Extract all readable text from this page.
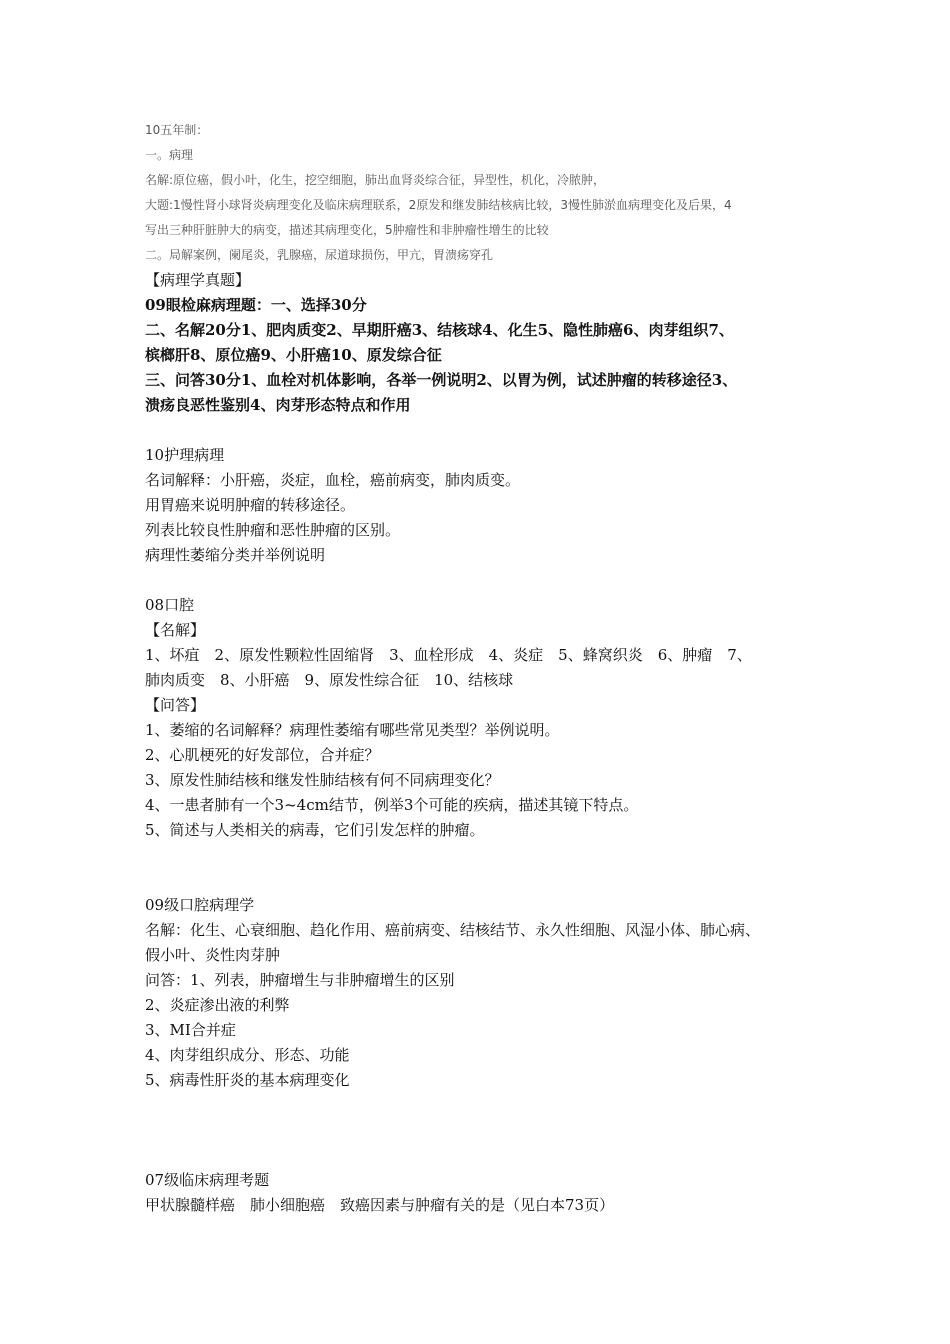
10五年制：
一。病理
名解:原位癌，假小叶，化生，挖空细胞，肺出血肾炎综合征，异型性，机化，冷脓肿，
大题:1慢性肾小球肾炎病理变化及临床病理联系，2原发和继发肺结核病比较，3慢性肺淤血病理变化及后果，4
写出三种肝脏肿大的病变，描述其病理变化，5肿瘤性和非肿瘤性增生的比较
二。局解案例，阑尾炎，乳腺癌，尿道球损伤，甲亢，胃溃疡穿孔
【病理学真题】
09眼检麻病理题：一、选择30分
二、名解20分1、肥肉质变2、早期肝癌3、结核球4、化生5、隐性肺癌6、肉芽组织7、
槟榔肝8、原位癌9、小肝癌10、原发综合征
三、问答30分1、血栓对机体影响，各举一例说明2、以胃为例，试述肿瘤的转移途径3、
溃疡良恶性鉴别4、肉芽形态特点和作用
10护理病理
名词解释：小肝癌，炎症，血栓，癌前病变，肺肉质变。
用胃癌来说明肿瘤的转移途径。
列表比较良性肿瘤和恶性肿瘤的区别。
病理性萎缩分类并举例说明
08口腔
【名解】
1、坏疽　2、原发性颗粒性固缩肾　3、血栓形成　4、炎症　5、蜂窝织炎　6、肿瘤　7、
肺肉质变　8、小肝癌　9、原发性综合征　10、结核球
【问答】
1、萎缩的名词解释？病理性萎缩有哪些常见类型？举例说明。
2、心肌梗死的好发部位，合并症？
3、原发性肺结核和继发性肺结核有何不同病理变化？
4、一患者肺有一个3~4cm结节，例举3个可能的疾病，描述其镜下特点。
5、简述与人类相关的病毒，它们引发怎样的肿瘤。
09级口腔病理学
名解：化生、心衰细胞、趋化作用、癌前病变、结核结节、永久性细胞、风湿小体、肺心病、
假小叶、炎性肉芽肿
问答：1、列表，肿瘤增生与非肿瘤增生的区别
2、炎症渗出液的利弊
3、MI合并症
4、肉芽组织成分、形态、功能
5、病毒性肝炎的基本病理变化
07级临床病理考题
甲状腺髓样癌　肺小细胞癌　致癌因素与肿瘤有关的是（见白本73页）
